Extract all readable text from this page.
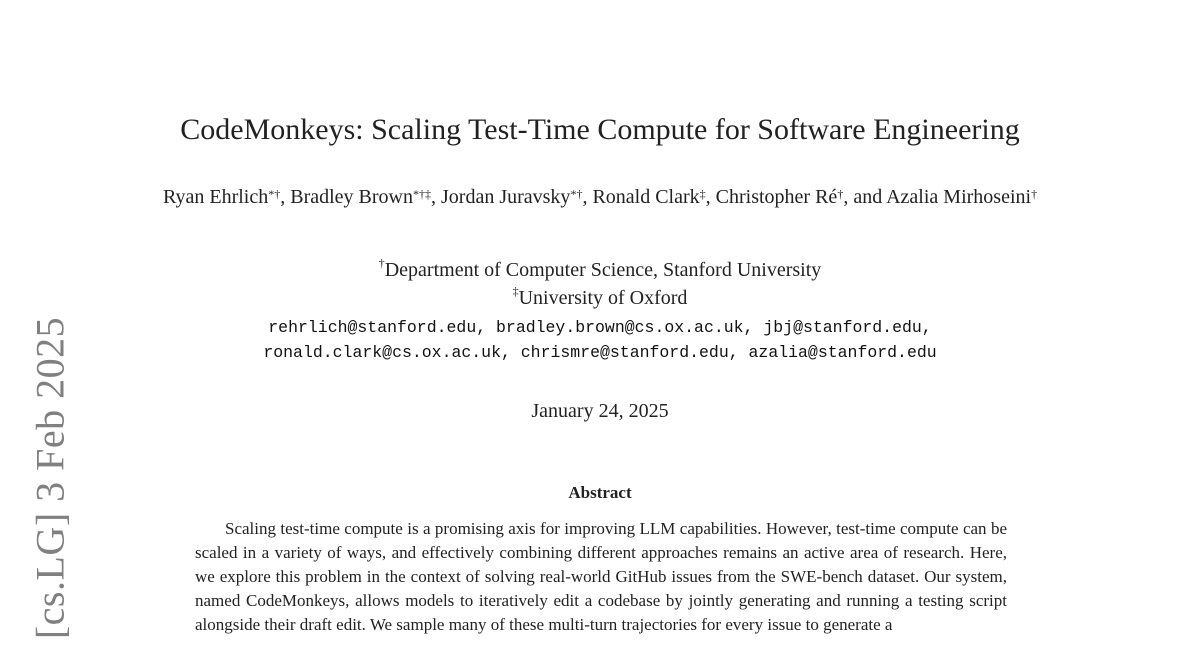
[cs.LG] 3 Feb 2025
CodeMonkeys: Scaling Test-Time Compute for Software Engineering
Ryan Ehrlich*†, Bradley Brown*†‡, Jordan Juravsky*†, Ronald Clark‡, Christopher Ré†, and Azalia Mirhoseini†
†Department of Computer Science, Stanford University
‡University of Oxford
rehrlich@stanford.edu, bradley.brown@cs.ox.ac.uk, jbj@stanford.edu,
ronald.clark@cs.ox.ac.uk, chrismre@stanford.edu, azalia@stanford.edu
January 24, 2025
Abstract
Scaling test-time compute is a promising axis for improving LLM capabilities. However, test-time compute can be scaled in a variety of ways, and effectively combining different approaches remains an active area of research. Here, we explore this problem in the context of solving real-world GitHub issues from the SWE-bench dataset. Our system, named CodeMonkeys, allows models to iteratively edit a codebase by jointly generating and running a testing script alongside their draft edit. We sample many of these multi-turn trajectories for every issue to generate a
